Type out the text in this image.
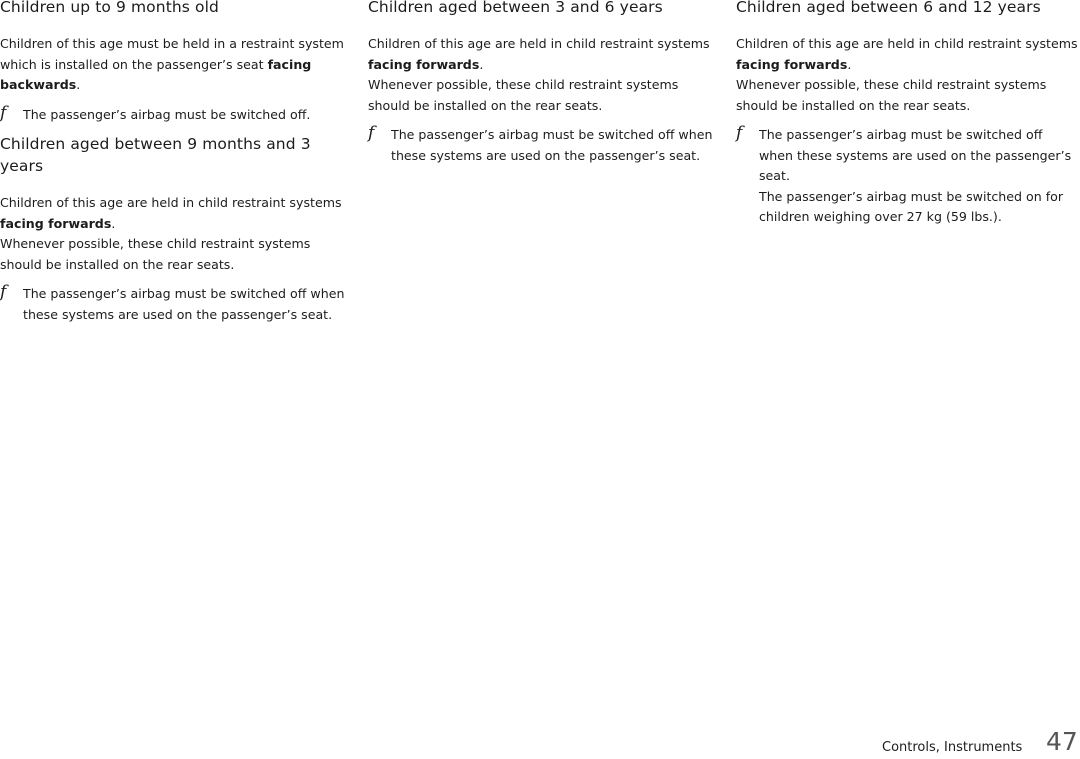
Children up to 9 months old

Children of this age must be held in a restraint system which is installed on the passenger’s seat facing backwards.

f The passenger’s airbag must be switched off.
Children aged between 9 months and 3 years

Children of this age are held in child restraint systems facing forwards.
Whenever possible, these child restraint systems should be installed on the rear seats.

f The passenger’s airbag must be switched off when these systems are used on the passenger’s seat.
Children aged between 3 and 6 years

Children of this age are held in child restraint systems facing forwards.
Whenever possible, these child restraint systems should be installed on the rear seats.

f The passenger’s airbag must be switched off when these systems are used on the passenger’s seat.
Children aged between 6 and 12 years

Children of this age are held in child restraint systems facing forwards.
Whenever possible, these child restraint systems should be installed on the rear seats.

f The passenger’s airbag must be switched off when these systems are used on the passenger’s seat.
The passenger’s airbag must be switched on for children weighing over 27 kg (59 lbs.).
Controls, Instruments 47
